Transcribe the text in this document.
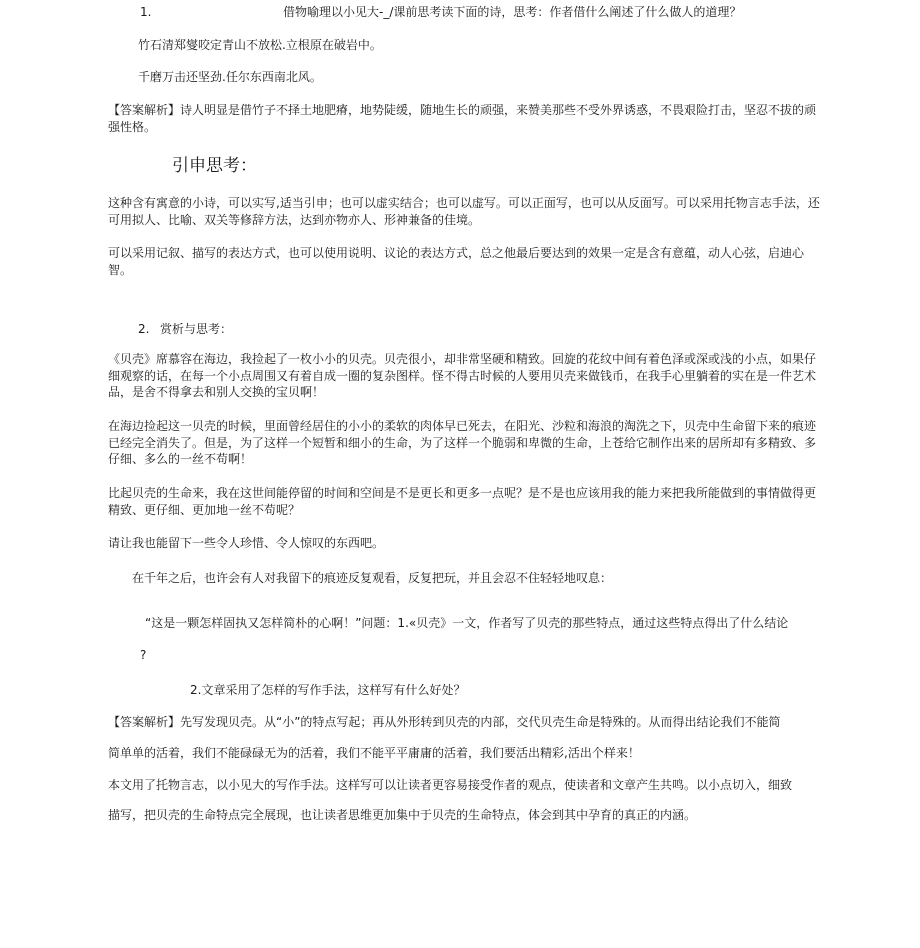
1.	借物喻理以小见大-_/课前思考读下面的诗，思考：作者借什么阐述了什么做人的道理？
竹石清郑燮咬定青山不放松.立根原在破岩中。
千磨万击还坚劲.任尔东西南北风。
【答案解析】诗人明显是借竹子不择土地肥瘠，地势陡缓，随地生长的顽强，来赞美那些不受外界诱惑，不畏艰险打击，坚忍不拔的顽强性格。
引申思考：
这种含有寓意的小诗，可以实写,适当引申；也可以虚实结合；也可以虚写。可以正面写，也可以从反面写。可以采用托物言志手法，还可用拟人、比喻、双关等修辞方法，达到亦物亦人、形神兼备的佳境。
可以采用记叙、描写的表达方式，也可以使用说明、议论的表达方式，总之他最后要达到的效果一定是含有意蕴，动人心弦，启迪心智。
2. 赏析与思考：
《贝壳》席慕容在海边，我捡起了一枚小小的贝壳。贝壳很小，却非常坚硬和精致。回旋的花纹中间有着色泽或深或浅的小点，如果仔细观察的话，在每一个小点周围又有着自成一圈的复杂图样。怪不得古时候的人要用贝壳来做钱币，在我手心里躺着的实在是一件艺术品，是舍不得拿去和别人交换的宝贝啊！
在海边捡起这一贝壳的时候，里面曾经居住的小小的柔软的肉体早已死去，在阳光、沙粒和海浪的淘洗之下，贝壳中生命留下来的痕迹已经完全消失了。但是，为了这样一个短暂和细小的生命，为了这样一个脆弱和卑微的生命，上苍给它制作出来的居所却有多精致、多仔细、多么的一丝不苟啊！
比起贝壳的生命来，我在这世间能停留的时间和空间是不是更长和更多一点呢？是不是也应该用我的能力来把我所能做到的事情做得更精致、更仔细、更加地一丝不苟呢？
请让我也能留下一些令人珍惜、令人惊叹的东西吧。
在千年之后，也许会有人对我留下的痕迹反复观看，反复把玩，并且会忍不住轻轻地叹息：
“这是一颗怎样固执又怎样简朴的心啊！”问题：1.«贝壳》一文，作者写了贝壳的那些特点，通过这些特点得出了什么结论
?
2.文章采用了怎样的写作手法，这样写有什么好处？
【答案解析】先写发现贝壳。从“小”的特点写起；再从外形转到贝壳的内部，交代贝壳生命是特殊的。从而得出结论我们不能简
简单单的活着，我们不能碌碌无为的活着，我们不能平平庸庸的活着，我们要活出精彩,活出个样来！
本文用了托物言志，以小见大的写作手法。这样写可以让读者更容易接受作者的观点，使读者和文章产生共鸣。以小点切入，细致
描写，把贝壳的生命特点完全展现，也让读者思维更加集中于贝壳的生命特点，体会到其中孕育的真正的内涵。
